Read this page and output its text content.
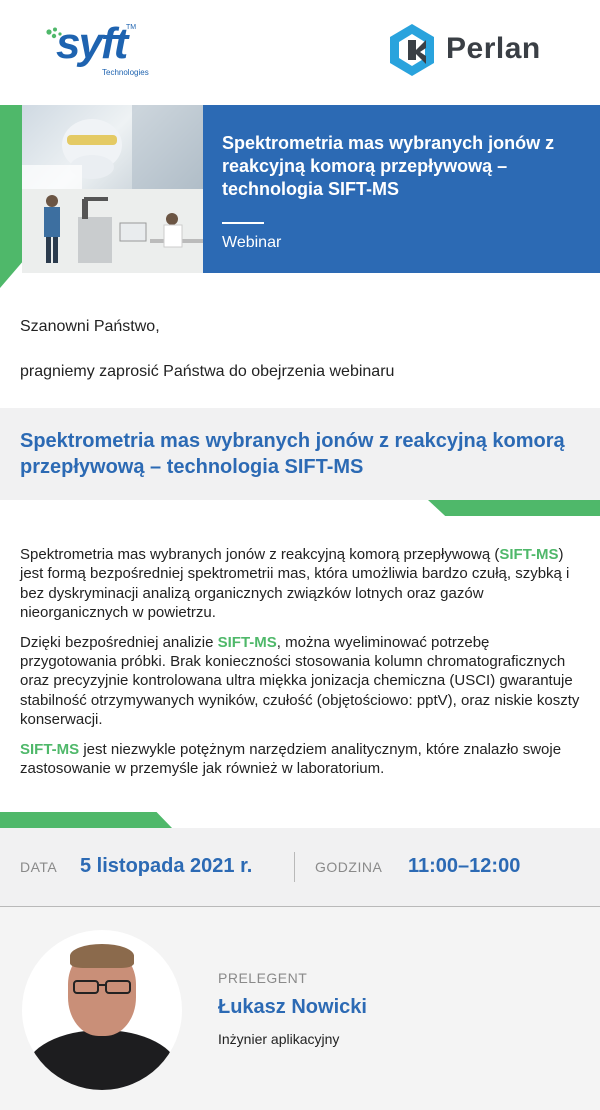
syft TM
Technologies
Perlan
Spektrometria mas wybranych jonów z reakcyjną komorą przepływową – technologia SIFT-MS
Webinar
Szanowni Państwo,
pragniemy zaprosić Państwa do obejrzenia webinaru
Spektrometria mas wybranych jonów z reakcyjną komorą przepływową – technologia SIFT-MS

Spektrometria mas wybranych jonów z reakcyjną komorą przepływową (SIFT-MS) jest formą bezpośredniej spektrometrii mas, która umożliwia bardzo czułą, szybką i bez dyskryminacji analizą organicznych związków lotnych oraz gazów nieorganicznych w powietrzu.

Dzięki bezpośredniej analizie SIFT-MS, można wyeliminować potrzebę przygotowania próbki. Brak konieczności stosowania kolumn chromatograficznych oraz precyzyjnie kontrolowana ultra miękka jonizacja chemiczna (USCI) gwarantuje stabilność otrzymywanych wyników, czułość (objętościowo: pptV), oraz niskie koszty konserwacji.

SIFT-MS jest niezwykle potężnym narzędziem analitycznym, które znalazło swoje zastosowanie w przemyśle jak również w laboratorium.

DATA 5 listopada 2021 r.	GODZINA 11:00–12:00
PRELEGENT
Łukasz Nowicki
Inżynier aplikacyjny
